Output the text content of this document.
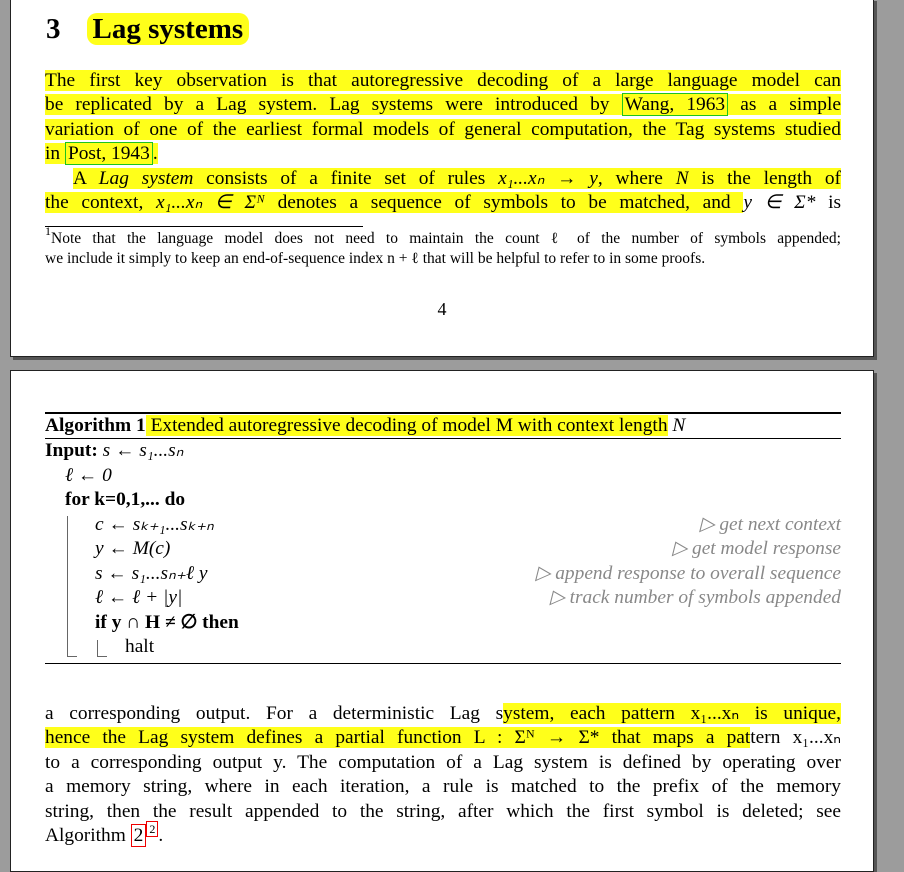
3 Lag systems
The first key observation is that autoregressive decoding of a large language model can
be replicated by a Lag system. Lag systems were introduced by Wang, 1963 as a simple
variation of one of the earliest formal models of general computation, the Tag systems studied
in Post, 1943 .
A Lag system consists of a finite set of rules x₁...xₙ → y, where N is the length of
the context, x₁...xₙ ∈ Σᴺ denotes a sequence of symbols to be matched, and y ∈ Σ* is
$^1$Note that the language model does not need to maintain the count ℓ of the number of symbols appended;
we include it simply to keep an end-of-sequence index n + ℓ that will be helpful to refer to in some proofs.
4
Algorithm 1 Extended autoregressive decoding of model M with context length N
Input: s ← s₁...sₙ
ℓ ← 0
for k=0,1,... do
c ← sₖ₊₁...sₖ₊ₙ	▷ get next context
y ← M(c)	▷ get model response
s ← s₁...sₙ₊ℓ y	▷ append response to overall sequence
ℓ ← ℓ + |y|	▷ track number of symbols appended
if y ∩ H ≠ ∅ then
halt
a corresponding output. For a deterministic Lag system, each pattern x₁...xₙ is unique,
hence the Lag system defines a partial function L : Σᴺ → Σ* that maps a pattern x₁...xₙ
to a corresponding output y. The computation of a Lag system is defined by operating over
a memory string, where in each iteration, a rule is matched to the prefix of the memory
string, then the result appended to the string, after which the first symbol is deleted; see
Algorithm 2 $^2$ .
